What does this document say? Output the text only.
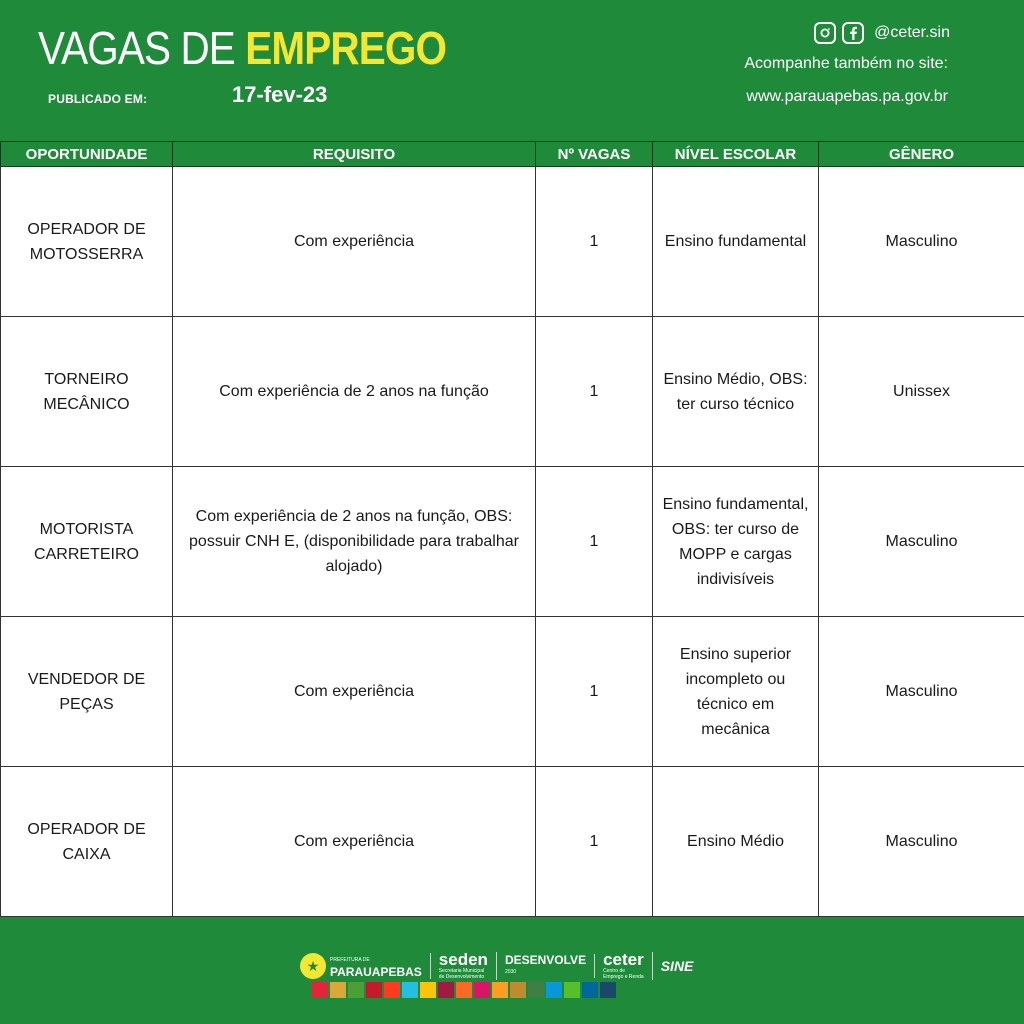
VAGAS DE EMPREGO
PUBLICADO EM:	17-fev-23
@ceter.sin
Acompanhe também no site:
www.parauapebas.pa.gov.br
OPORTUNIDADE	REQUISITO	Nº VAGAS	NÍVEL ESCOLAR	GÊNERO
OPERADOR DE MOTOSSERRA	Com experiência	1	Ensino fundamental	Masculino
TORNEIRO MECÂNICO	Com experiência de 2 anos na função	1	Ensino Médio, OBS: ter curso técnico	Unissex
MOTORISTA CARRETEIRO	Com experiência de 2 anos na função, OBS: possuir CNH E, (disponibilidade para trabalhar alojado)	1	Ensino fundamental, OBS: ter curso de MOPP e cargas indivisíveis	Masculino
VENDEDOR DE PEÇAS	Com experiência	1	Ensino superior incompleto ou técnico em mecânica	Masculino
OPERADOR DE CAIXA	Com experiência	1	Ensino Médio	Masculino
★	PREFEITURA DE
PARAUAPEBAS
seden
Secretaria Municipal de Desenvolvimento
DESENVOLVE
2030
ceter
Centro de Emprego e Renda
SINE
